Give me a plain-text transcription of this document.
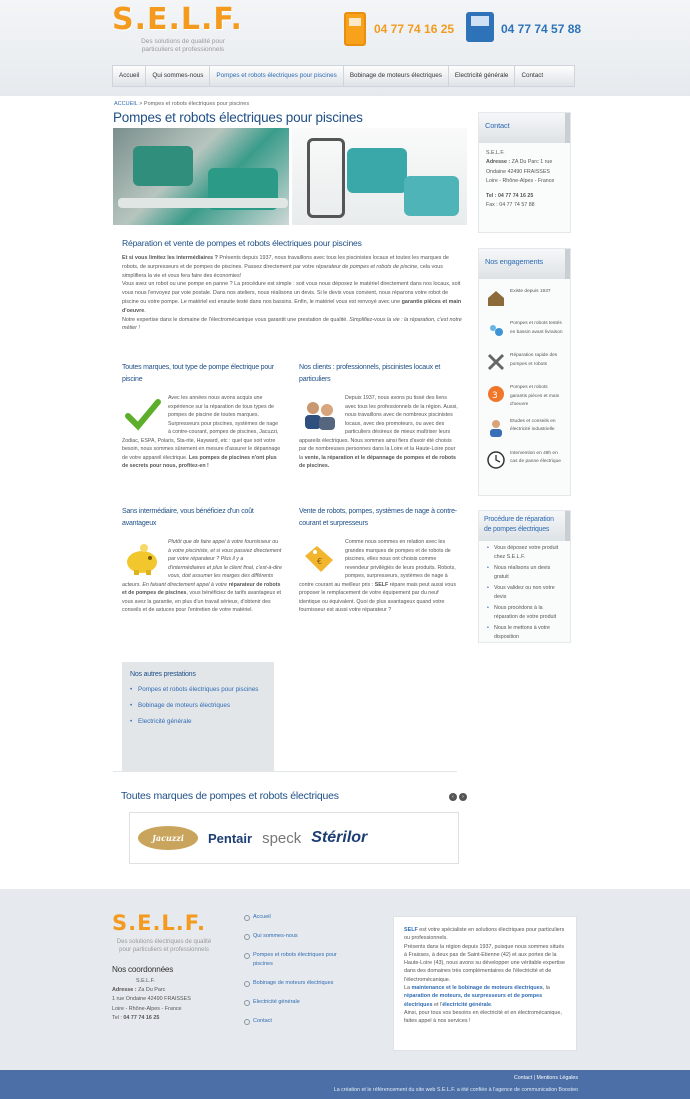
S.E.L.F.
Des solutions de qualité pour particuliers et professionnels
04 77 74 16 25	04 77 74 57 88
Accueil	Qui sommes-nous	Pompes et robots électriques pour piscines	Bobinage de moteurs électriques	Electricité générale	Contact
ACCUEIL > Pompes et robots électriques pour piscines
Pompes et robots électriques pour piscines
Réparation et vente de pompes et robots électriques pour piscines

Et si vous limitez les intermédiaires ? Présents depuis 1937, nous travaillons avec tous les piscinistes locaux et toutes les marques de robots, de surpresseurs et de pompes de piscines. Passez directement par votre réparateur de pompes et robots de piscine, cela vous simplifiera la vie et vous fera faire des économies!
Vous avez un robot ou une pompe en panne ? La procédure est simple : soit vous nous déposez le matériel directement dans nos locaux, soit vous nous l'envoyez par voie postale. Dans nos ateliers, nous réalisons un devis. Si le devis vous convient, nous réparons votre robot de piscine ou votre pompe. Le matériel est ensuite testé dans nos bassins. Enfin, le matériel vous est renvoyé avec une garantie pièces et main d'oeuvre.
Notre expertise dans le domaine de l'électromécanique vous garantit une prestation de qualité. Simplifiez-vous la vie : la réparation, c'est notre métier !

Toutes marques, tout type de pompe électrique pour piscine
Avec les années nous avons acquis une expérience sur la réparation de tous types de pompes de piscine de toutes marques. Surpresseurs pour piscines, systèmes de nage à contre-courant, pompes de piscines, Jacuzzi, Zodiac, ESPA, Polaris, Sta-rite, Hayward, etc : quel que soit votre besoin, nous sommes sûrement en mesure d'assurer le dépannage de votre appareil électrique. Les pompes de piscines n'ont plus de secrets pour nous, profitez-en !
Nos clients : professionnels, piscinistes locaux et particuliers
Depuis 1937, nous avons pu tissé des liens avec tous les professionnels de la région. Aussi, nous travaillons avec de nombreux piscinistes locaux, avec des promoteurs, ou avec des particuliers désireux de mieux maîtriser leurs appareils électriques. Nous sommes ainsi fiers d'avoir été choisis par de nombreuses personnes dans la Loire et la Haute-Loire pour la vente, la réparation et le dépannage de pompes et de robots de piscines.
Sans intermédiaire, vous bénéficiez d'un coût avantageux
Plutôt que de faire appel à votre fournisseur ou à votre pisciniste, et si vous passiez directement par votre réparateur ? Plus il y a d'intermédiaires et plus le client final, c'est-à-dire vous, doit assumer les marges des différents acteurs. En faisant directement appel à votre réparateur de robots et de pompes de piscines, vous bénéficiez de tarifs avantageux et vous avez la garantie, en plus d'un travail sérieux, d'obtenir des conseils et de astuces pour l'entretien de votre matériel.
Vente de robots, pompes, systèmes de nage à contre-courant et surpresseurs
€
Comme nous sommes en relation avec les grandes marques de pompes et de robots de piscines, elles nous ont choisis comme revendeur privilégiés de leurs produits. Robots, pompes, surpresseurs, systèmes de nage à contre courant au meilleur prix : SELF répare mais peut aussi vous proposer le remplacement de votre équipement par du neuf identique ou équivalent. Quoi de plus avantageux quand votre fournisseur est aussi votre réparateur ?
Nos autres prestations
• Pompes et robots électriques pour piscines
• Bobinage de moteurs électriques
• Electricité générale
Toutes marques de pompes et robots électriques	‹	›
Jacuzzi	Pentair speck Stérilor
Contact
S.E.L.F.
Adresse : ZA Du Parc 1 rue Ondaine 42490 FRAISSES Loire - Rhône-Alpes - France
Tel : 04 77 74 16 25
Fax : 04 77 74 57 88
Nos engagements
Existe depuis 1937
Pompes et robots testés en bassin avant livraison
Réparation rapide des pompes et robots
3
Pompes et robots garantis pièces et main d'oeuvre
Etudes et conseils en électricité industrielle
Intervention en 48h en cas de panne électrique
Procédure de réparation de pompes électriques
• Vous déposez votre produit chez S.E.L.F.
• Nous réalisons un devis gratuit
• Vous validez ou non votre devis
• Nous procédons à la réparation de votre produit
• Nous le mettons à votre disposition
S.E.L.F.
Des solutions électriques de qualité pour particuliers et professionnels
Nos coordonnées
S.E.L.F.
Adresse : Za Du Parc
1 rue Ondaine 42490 FRAISSES
Loire - Rhône-Alpes - France
Tel : 04 77 74 16 25
Accueil
Qui sommes-nous
Pompes et robots électriques pour piscines
Bobinage de moteurs électriques
Electricité générale
Contact

SELF est votre spécialiste en solutions électriques pour particuliers ou professionnels.

Présents dans la région depuis 1937, puisque nous sommes situés à Fraisses, à deux pas de Saint-Etienne (42) et aux portes de la Haute-Loire (43), nous avons su développer une véritable expertise dans des domaines très complémentaires de l'électricité et de l'électromécanique.

La maintenance et le bobinage de moteurs électriques, la réparation de moteurs, de surpresseurs et de pompes électriques et l'électricité générale.

Ainsi, pour tous vos besoins en électricité et en électromécanique, faites appel à nos services !

Contact | Mentions Légales
La création et le référencement du site web S.E.L.F. a été confiée à l'agence de communication Boosteo
